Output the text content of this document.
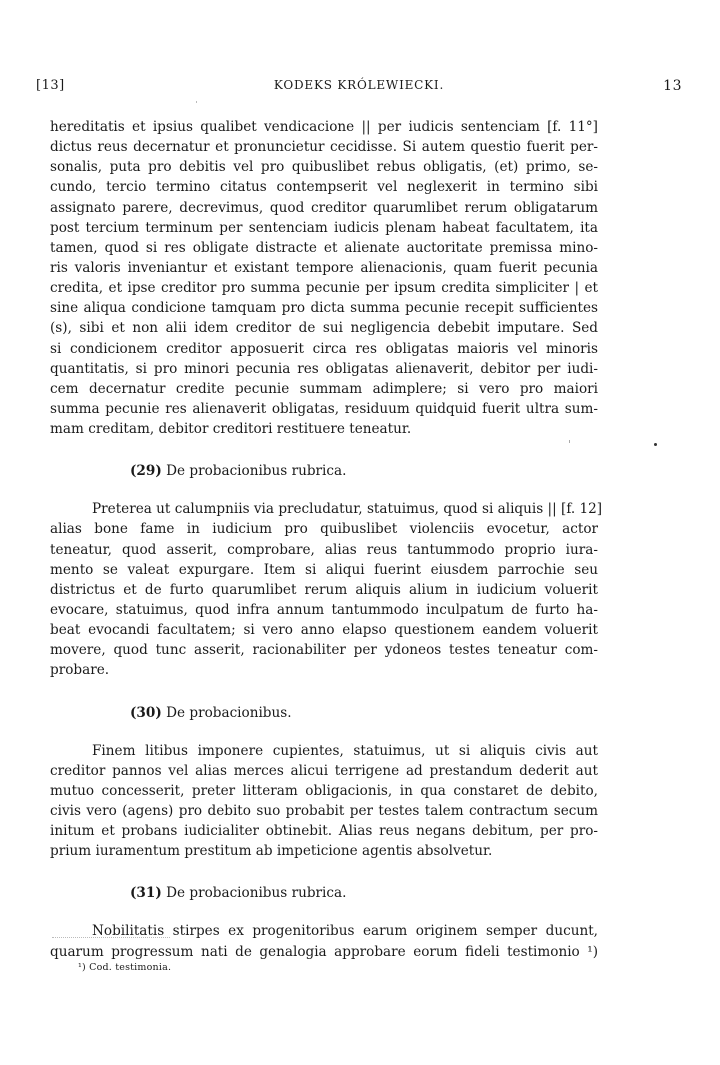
[13]	KODEKS KRÓLEWIECKI.	13
hereditatis et ipsius qualibet vendicacione || per iudicis sentenciam [f. 11°]
dictus reus decernatur et pronuncietur cecidisse. Si autem questio fuerit per-
sonalis, puta pro debitis vel pro quibuslibet rebus obligatis, (et) primo, se-
cundo, tercio termino citatus contempserit vel neglexerit in termino sibi
assignato parere, decrevimus, quod creditor quarumlibet rerum obligatarum
post tercium terminum per sentenciam iudicis plenam habeat facultatem, ita
tamen, quod si res obligate distracte et alienate auctoritate premissa mino-
ris valoris inveniantur et existant tempore alienacionis, quam fuerit pecunia
credita, et ipse creditor pro summa pecunie per ipsum credita simpliciter | et
sine aliqua condicione tamquam pro dicta summa pecunie recepit sufficientes
(s), sibi et non alii idem creditor de sui negligencia debebit imputare. Sed
si condicionem creditor apposuerit circa res obligatas maioris vel minoris
quantitatis, si pro minori pecunia res obligatas alienaverit, debitor per iudi-
cem decernatur credite pecunie summam adimplere; si vero pro maiori
summa pecunie res alienaverit obligatas, residuum quidquid fuerit ultra sum-
mam creditam, debitor creditori restituere teneatur.
(29) De probacionibus rubrica.
Preterea ut calumpniis via precludatur, statuimus, quod si aliquis || [f. 12]
alias bone fame in iudicium pro quibuslibet violenciis evocetur, actor
teneatur, quod asserit, comprobare, alias reus tantummodo proprio iura-
mento se valeat expurgare. Item si aliqui fuerint eiusdem parrochie seu
districtus et de furto quarumlibet rerum aliquis alium in iudicium voluerit
evocare, statuimus, quod infra annum tantummodo inculpatum de furto ha-
beat evocandi facultatem; si vero anno elapso questionem eandem voluerit
movere, quod tunc asserit, racionabiliter per ydoneos testes teneatur com-
probare.
(30) De probacionibus.
Finem litibus imponere cupientes, statuimus, ut si aliquis civis aut
creditor pannos vel alias merces alicui terrigene ad prestandum dederit aut
mutuo concesserit, preter litteram obligacionis, in qua constaret de debito,
civis vero (agens) pro debito suo probabit per testes talem contractum secum
initum et probans iudicialiter obtinebit. Alias reus negans debitum, per pro-
prium iuramentum prestitum ab impeticione agentis absolvetur.
(31) De probacionibus rubrica.
Nobilitatis stirpes ex progenitoribus earum originem semper ducunt,
quarum progressum nati de genalogia approbare eorum fideli testimonio ¹)
¹) Cod. testimonia.
